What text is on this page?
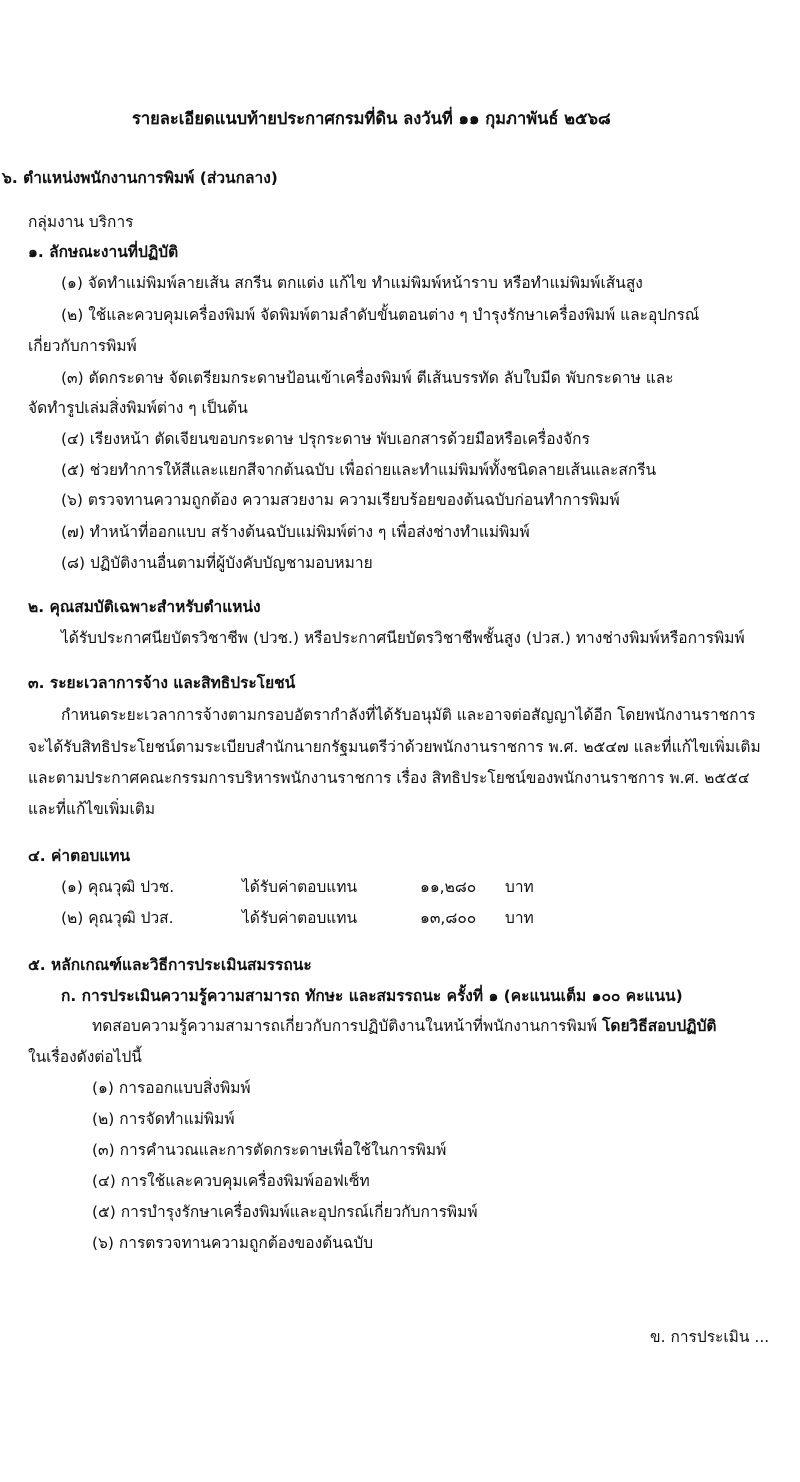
รายละเอียดแนบท้ายประกาศกรมที่ดิน ลงวันที่ ๑๑ กุมภาพันธ์ ๒๕๖๘
๖. ตำแหน่งพนักงานการพิมพ์ (ส่วนกลาง)
กลุ่มงาน บริการ
๑. ลักษณะงานที่ปฏิบัติ
(๑) จัดทำแม่พิมพ์ลายเส้น สกรีน ตกแต่ง แก้ไข ทำแม่พิมพ์หน้าราบ หรือทำแม่พิมพ์เส้นสูง
(๒) ใช้และควบคุมเครื่องพิมพ์ จัดพิมพ์ตามลำดับขั้นตอนต่าง ๆ บำรุงรักษาเครื่องพิมพ์ และอุปกรณ์
เกี่ยวกับการพิมพ์
(๓) ตัดกระดาษ จัดเตรียมกระดาษป้อนเข้าเครื่องพิมพ์ ตีเส้นบรรทัด ลับใบมีด พับกระดาษ และ
จัดทำรูปเล่มสิ่งพิมพ์ต่าง ๆ เป็นต้น
(๔) เรียงหน้า ตัดเจียนขอบกระดาษ ปรุกระดาษ พับเอกสารด้วยมือหรือเครื่องจักร
(๕) ช่วยทำการให้สีและแยกสีจากต้นฉบับ เพื่อถ่ายและทำแม่พิมพ์ทั้งชนิดลายเส้นและสกรีน
(๖) ตรวจทานความถูกต้อง ความสวยงาม ความเรียบร้อยของต้นฉบับก่อนทำการพิมพ์
(๗) ทำหน้าที่ออกแบบ สร้างต้นฉบับแม่พิมพ์ต่าง ๆ เพื่อส่งช่างทำแม่พิมพ์
(๘) ปฏิบัติงานอื่นตามที่ผู้บังคับบัญชามอบหมาย
๒. คุณสมบัติเฉพาะสำหรับตำแหน่ง
ได้รับประกาศนียบัตรวิชาชีพ (ปวช.) หรือประกาศนียบัตรวิชาชีพชั้นสูง (ปวส.) ทางช่างพิมพ์หรือการพิมพ์
๓. ระยะเวลาการจ้าง และสิทธิประโยชน์
กำหนดระยะเวลาการจ้างตามกรอบอัตรากำลังที่ได้รับอนุมัติ และอาจต่อสัญญาได้อีก โดยพนักงานราชการ
จะได้รับสิทธิประโยชน์ตามระเบียบสำนักนายกรัฐมนตรีว่าด้วยพนักงานราชการ พ.ศ. ๒๕๔๗ และที่แก้ไขเพิ่มเติม
และตามประกาศคณะกรรมการบริหารพนักงานราชการ เรื่อง สิทธิประโยชน์ของพนักงานราชการ พ.ศ. ๒๕๕๔
และที่แก้ไขเพิ่มเติม
๔. ค่าตอบแทน
(๑) คุณวุฒิ ปวช.	ได้รับค่าตอบแทน	๑๑,๒๘๐ บาท
(๒) คุณวุฒิ ปวส.	ได้รับค่าตอบแทน	๑๓,๘๐๐ บาท
๕. หลักเกณฑ์และวิธีการประเมินสมรรถนะ
ก. การประเมินความรู้ความสามารถ ทักษะ และสมรรถนะ ครั้งที่ ๑ (คะแนนเต็ม ๑๐๐ คะแนน)
ทดสอบความรู้ความสามารถเกี่ยวกับการปฏิบัติงานในหน้าที่พนักงานการพิมพ์ โดยวิธีสอบปฏิบัติ
ในเรื่องดังต่อไปนี้
(๑) การออกแบบสิ่งพิมพ์
(๒) การจัดทำแม่พิมพ์
(๓) การคำนวณและการตัดกระดาษเพื่อใช้ในการพิมพ์
(๔) การใช้และควบคุมเครื่องพิมพ์ออฟเซ็ท
(๕) การบำรุงรักษาเครื่องพิมพ์และอุปกรณ์เกี่ยวกับการพิมพ์
(๖) การตรวจทานความถูกต้องของต้นฉบับ
ข. การประเมิน ...
